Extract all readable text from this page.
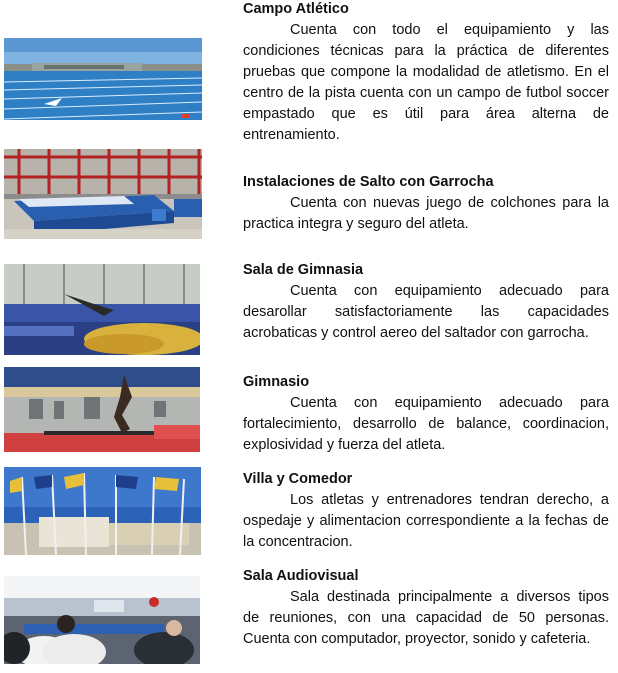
Campo Atlético

Cuenta con todo el equipamiento y las condiciones técnicas para la práctica de diferentes pruebas que compone la modalidad de atletismo. En el centro de la pista cuenta con un campo de futbol soccer empastado que es útil para área alterna de entrenamiento.

Instalaciones de Salto con Garrocha

Cuenta con nuevas juego de colchones para la practica integra y seguro del atleta.

Sala de Gimnasia

Cuenta con equipamiento adecuado para desarollar satisfactoriamente las capacidades acrobaticas y control aereo del saltador con garrocha.

Gimnasio

Cuenta con equipamiento adecuado para fortalecimiento, desarrollo de balance, coordinacion, explosividad y fuerza del atleta.

Villa y Comedor

Los atletas y entrenadores tendran derecho, a ospedaje y alimentacion correspondiente a la fechas de la concentracion.

Sala Audiovisual

Sala destinada principalmente a diversos tipos de reuniones, con una capacidad de 50 personas. Cuenta con computador, proyector, sonido y cafeteria.
